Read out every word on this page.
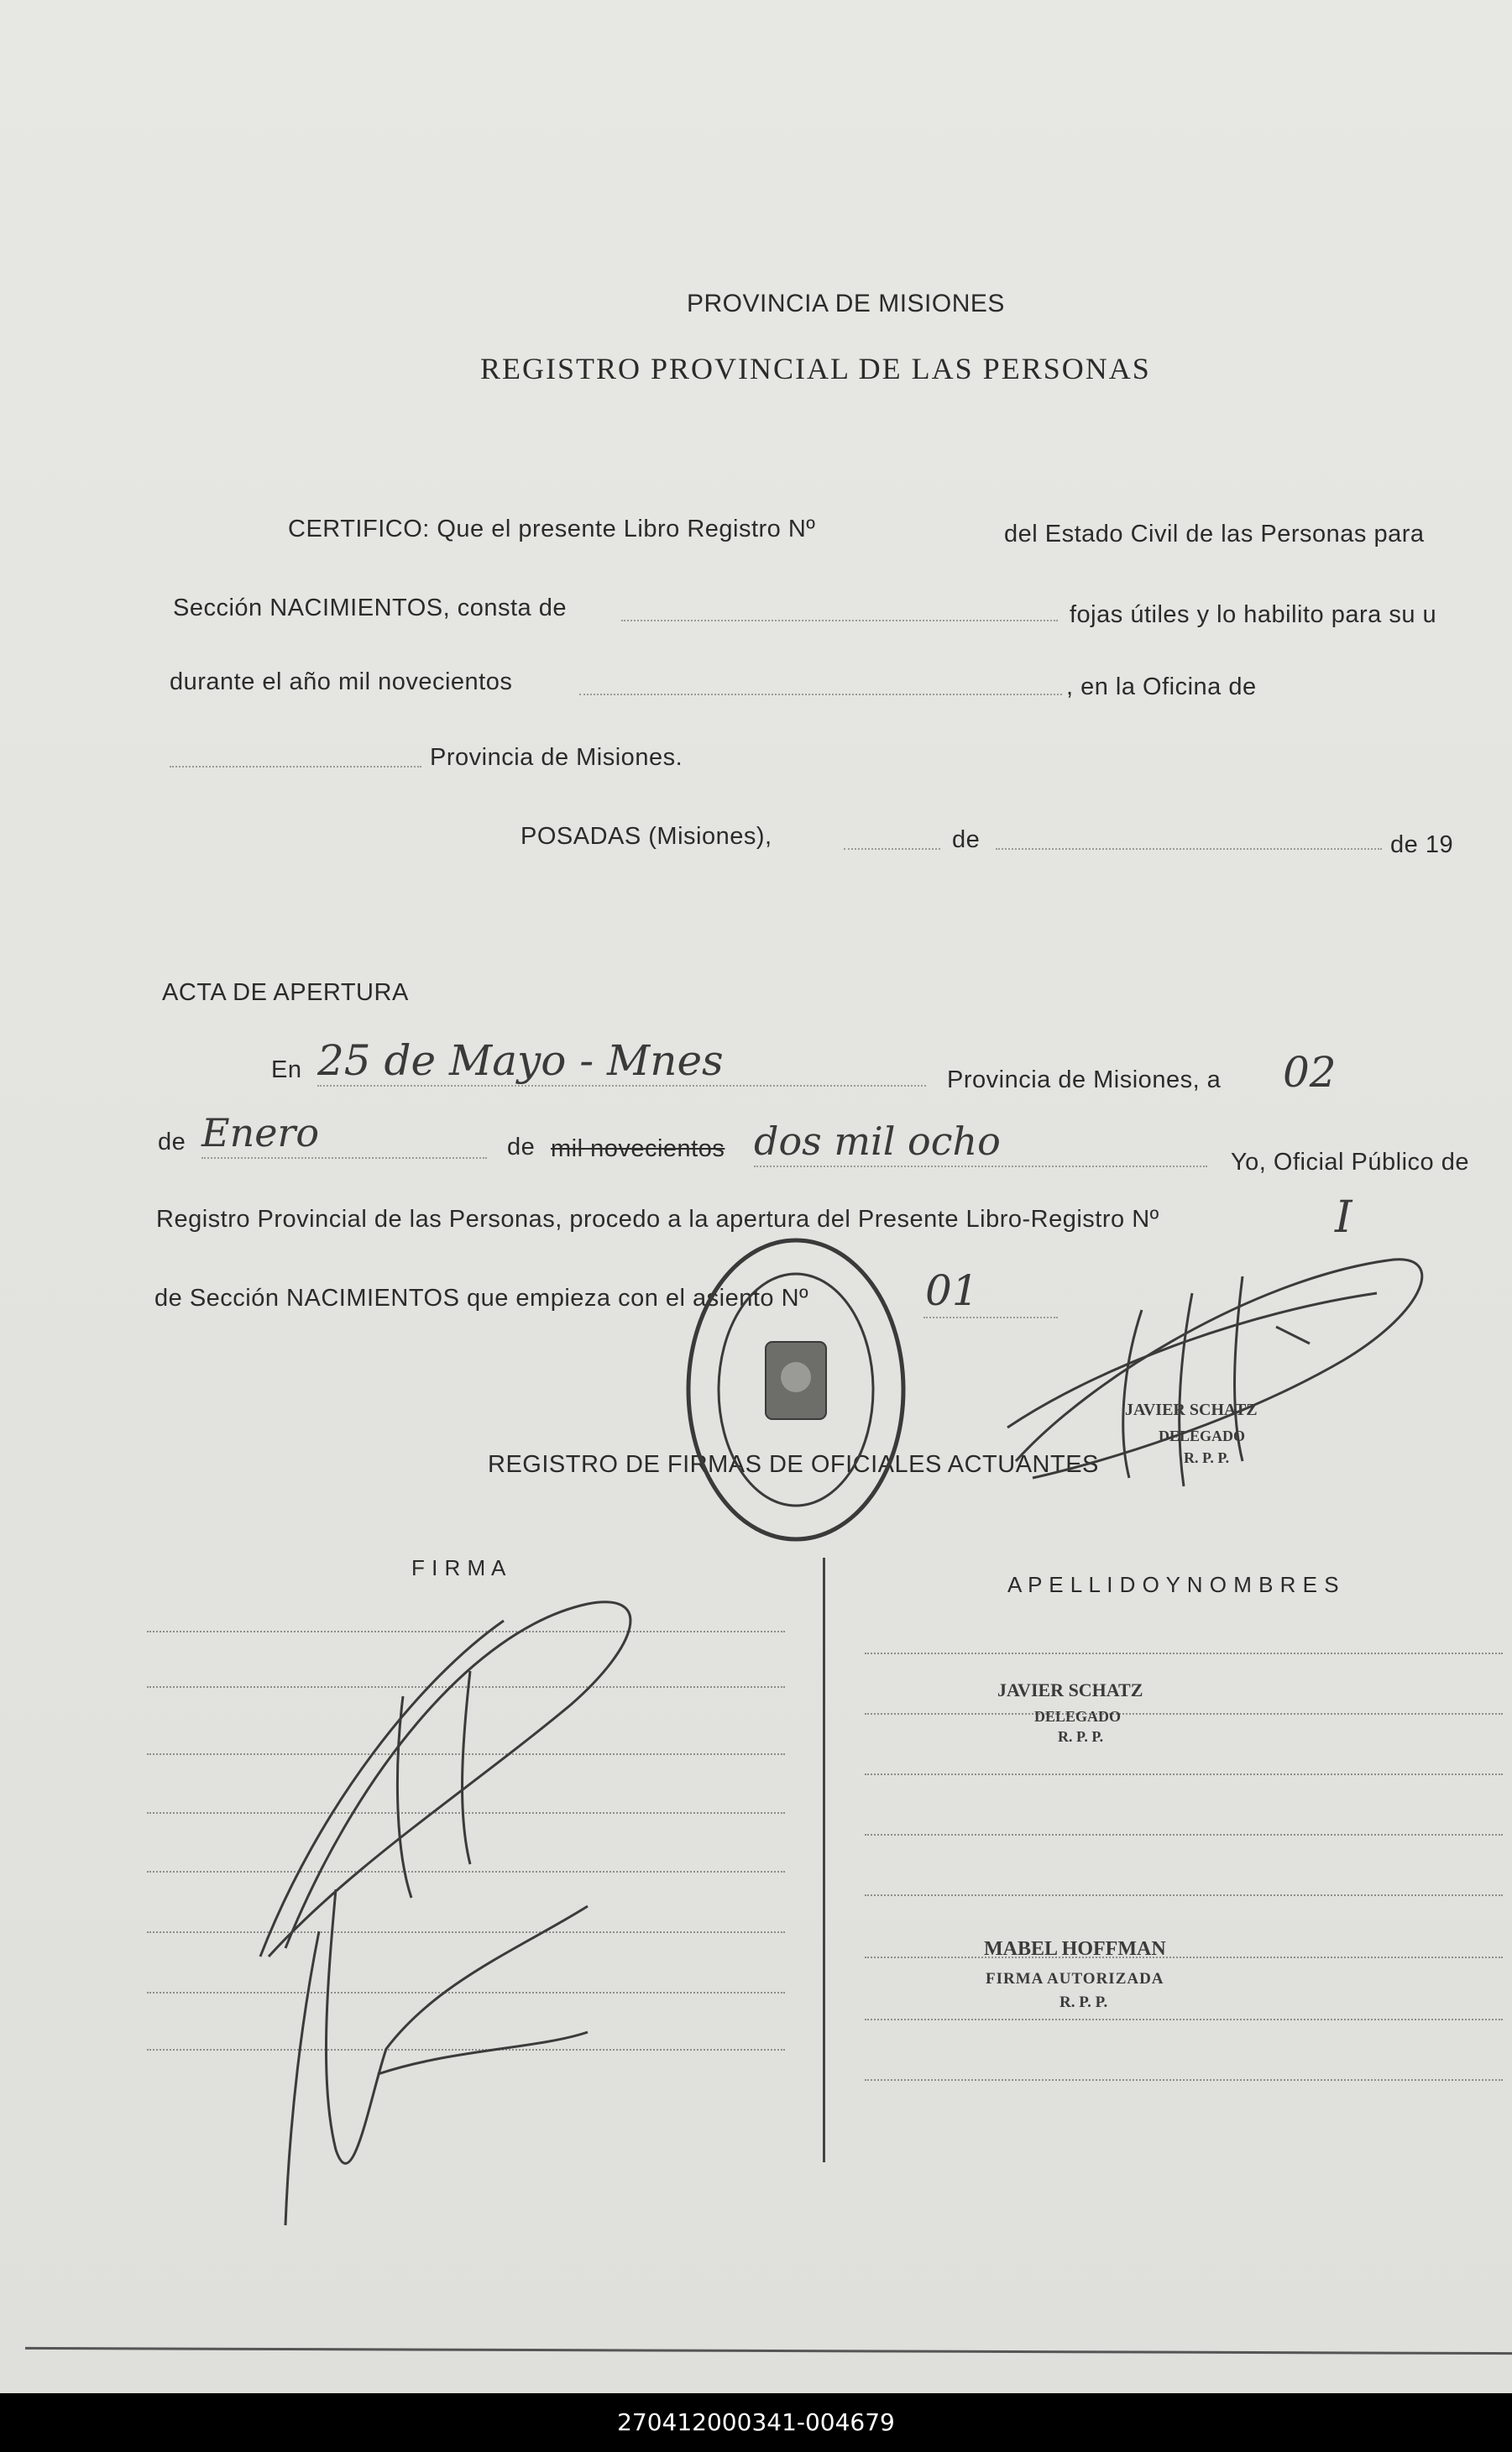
PROVINCIA DE MISIONES
REGISTRO PROVINCIAL DE LAS PERSONAS
CERTIFICO: Que el presente Libro Registro Nº	del Estado Civil de las Personas para
Sección NACIMIENTOS, consta de	fojas útiles y lo habilito para su u
durante el año mil novecientos	, en la Oficina de
Provincia de Misiones.
POSADAS (Misiones),	de	de 19
ACTA DE APERTURA
En 25 de Mayo - Mnes	Provincia de Misiones, a 02
de Enero	de mil novecientos dos mil ocho	Yo, Oficial Público de
Registro Provincial de las Personas, procedo a la apertura del Presente Libro-Registro Nº	I
de Sección NACIMIENTOS que empieza con el asiento Nº	01
REGISTRO DE FIRMAS DE OFICIALES ACTUANTES
F I R M A
A P E L L I D O Y N O M B R E S
JAVIER SCHATZ
DELEGADO
R. P. P.
JAVIER SCHATZ
DELEGADO
R. P. P.
MABEL HOFFMAN
FIRMA AUTORIZADA
R. P. P.
270412000341-004679
